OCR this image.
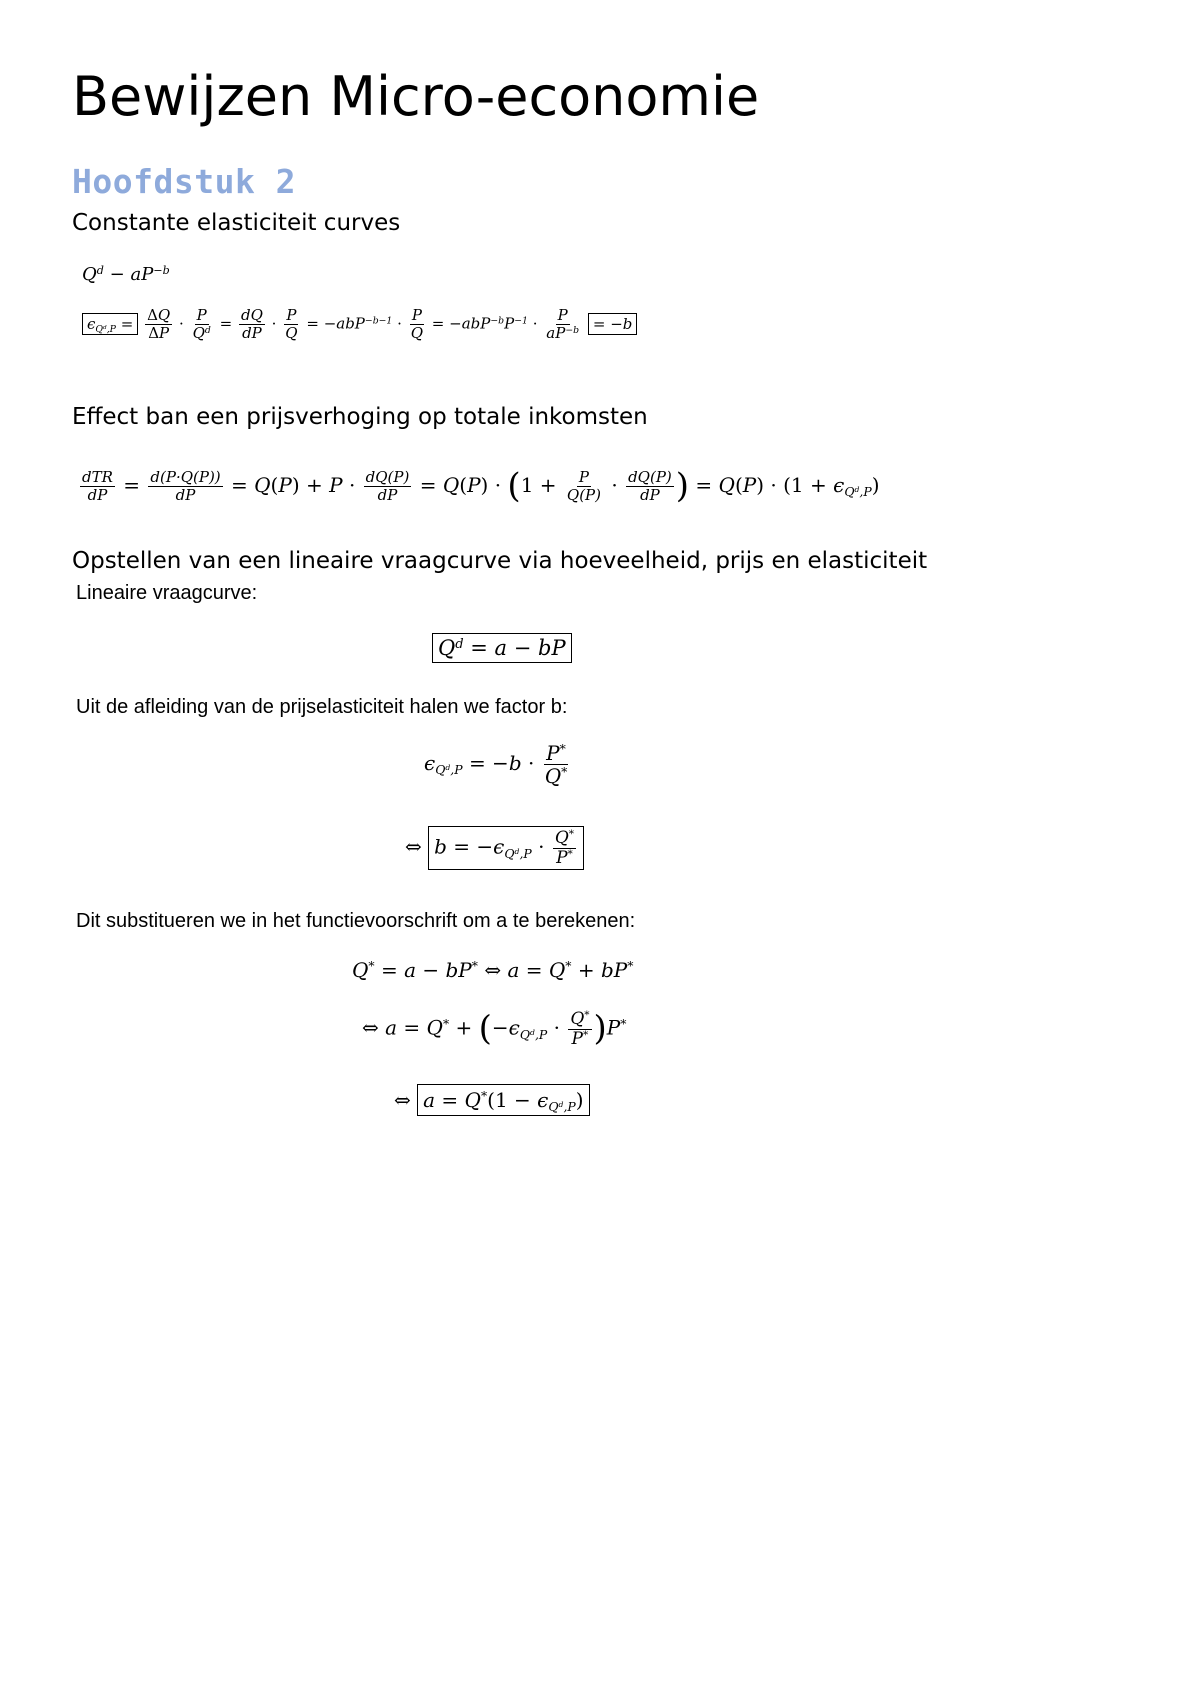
Bewijzen Micro-economie
Hoofdstuk 2
Constante elasticiteit curves
$Q^d - aP^{-b}$
$\epsilon_{Q^d,P} = \frac{\Delta Q}{\Delta P} \cdot \frac{P}{Q^d} = \frac{dQ}{dP} \cdot \frac{P}{Q} = -abP^{-b-1} \cdot \frac{P}{Q} = -abP^{-b}P^{-1} \cdot \frac{P}{aP^{-b}} = -b$
Effect ban een prijsverhoging op totale inkomsten
$\frac{\text{dTR}}{dP} = \frac{d(P\cdot Q(P))}{dP} = Q(P) + P \cdot \frac{dQ(P)}{dP} = Q(P) \cdot (1 + \frac{P}{Q(P)} \cdot \frac{dQ(P)}{dP}$ ) = $Q(P) \cdot (1 + \epsilon_{Q^d,P})$
Opstellen van een lineaire vraagcurve via hoeveelheid, prijs en elasticiteit
Lineaire vraagcurve:
$Q^d = a$ − bP
Uit de afleiding van de prijselasticiteit halen we factor b:
$\epsilon_{Q^d,P} = -b \cdot \frac{P^*}{Q^*}$
⇔ $b = -\epsilon_{Q^d,P} \cdot \frac{Q^*}{P^*}$
Dit substitueren we in het functievoorschrift om a te berekenen:
Q* = a − bP* ⇔ a = Q* + bP*
⇔ $a = Q^* + (-\epsilon_{Q^d,P} \cdot \frac{Q^*}{P^*} )P^*$
⇔ $a = Q^*(1 - \epsilon_{Q^d,P})$
